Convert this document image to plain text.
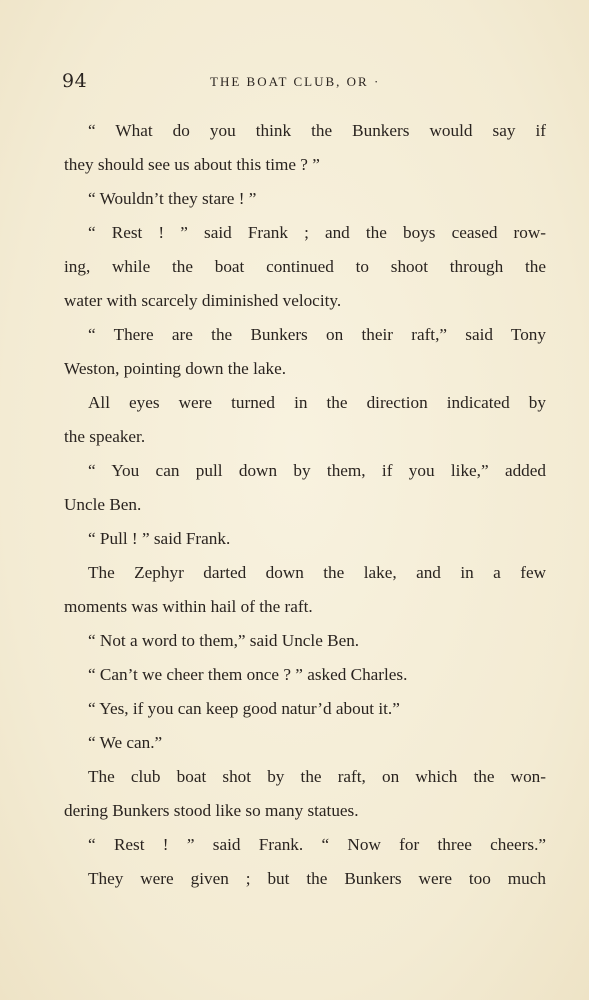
94	THE BOAT CLUB, OR ·
“ What do you think the Bunkers would say if
they should see us about this time ? ”
“ Wouldn’t they stare ! ”
“ Rest ! ” said Frank ; and the boys ceased row-
ing, while the boat continued to shoot through the
water with scarcely diminished velocity.
“ There are the Bunkers on their raft,” said Tony
Weston, pointing down the lake.
All eyes were turned in the direction indicated by
the speaker.
“ You can pull down by them, if you like,” added
Uncle Ben.
“ Pull ! ” said Frank.
The Zephyr darted down the lake, and in a few
moments was within hail of the raft.
“ Not a word to them,” said Uncle Ben.
“ Can’t we cheer them once ? ” asked Charles.
“ Yes, if you can keep good natur’d about it.”
“ We can.”
The club boat shot by the raft, on which the won-
dering Bunkers stood like so many statues.
“ Rest ! ” said Frank. “ Now for three cheers.”
They were given ; but the Bunkers were too much
